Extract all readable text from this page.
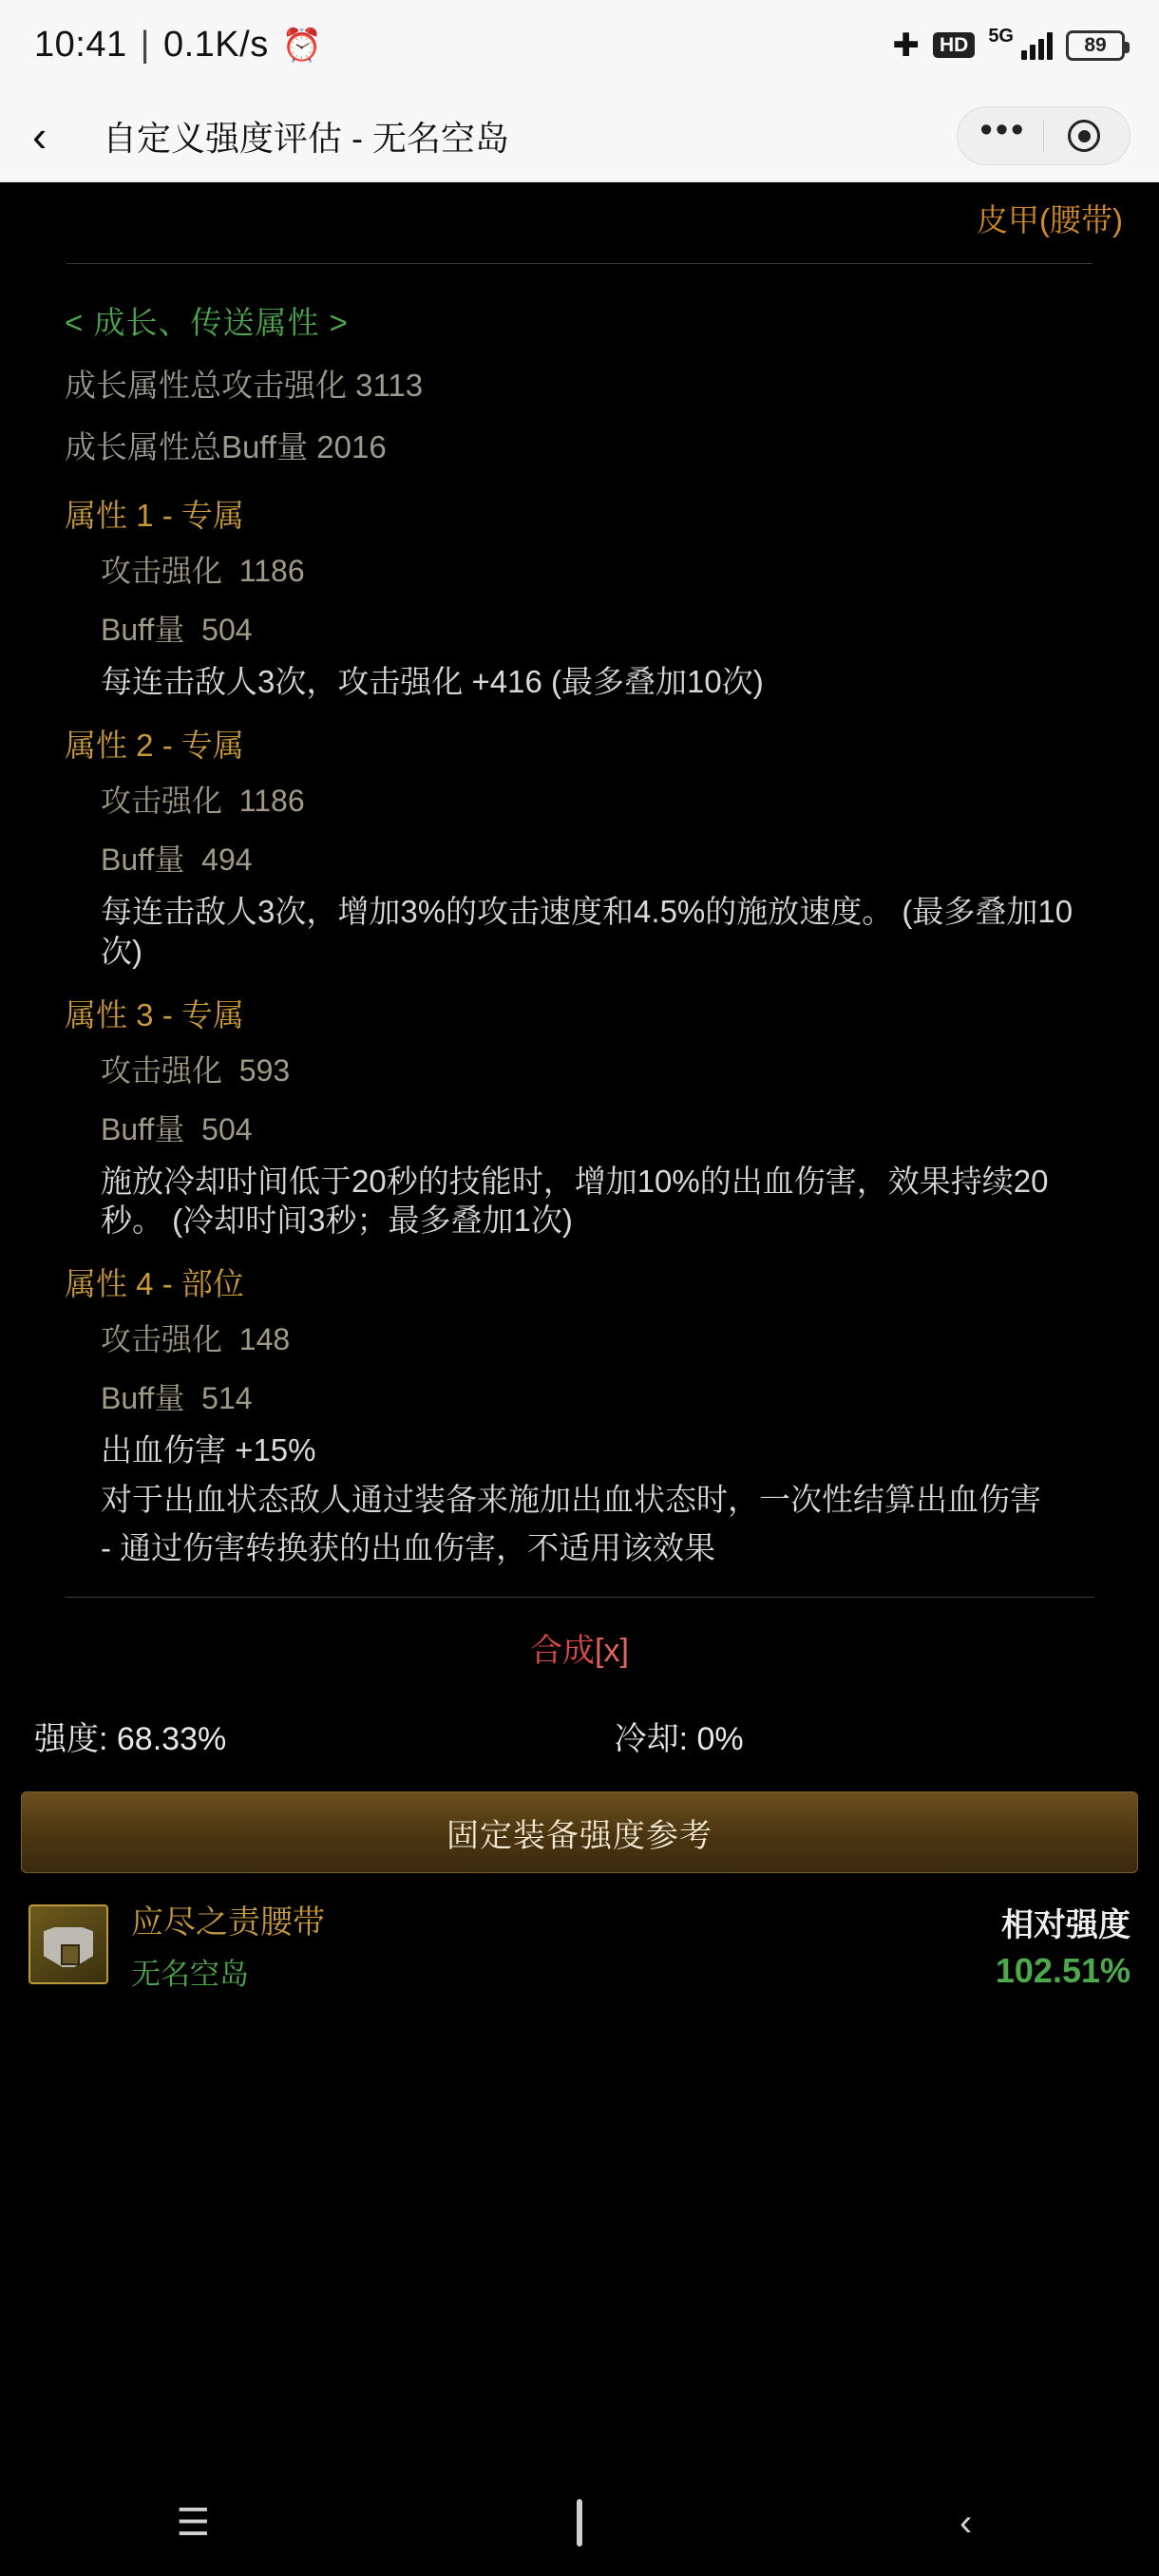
10:41 | 0.1K/s ⏰	✚	HD	5G	89
‹	自定义强度评估 - 无名空岛	•••
皮甲(腰带)
< 成长、传送属性 >
成长属性总攻击强化 3113
成长属性总Buff量 2016
属性 1 - 专属
攻击强化 1186
Buff量 504
每连击敌人3次，攻击强化 +416 (最多叠加10次)
属性 2 - 专属
攻击强化 1186
Buff量 494
每连击敌人3次，增加3%的攻击速度和4.5%的施放速度。 (最多叠加10次)
属性 3 - 专属
攻击强化 593
Buff量 504
施放冷却时间低于20秒的技能时，增加10%的出血伤害，效果持续20秒。 (冷却时间3秒；最多叠加1次)
属性 4 - 部位
攻击强化 148
Buff量 514
出血伤害 +15%
对于出血状态敌人通过装备来施加出血状态时，一次性结算出血伤害
- 通过伤害转换获的出血伤害，不适用该效果
合成[x]
强度: 68.33%	冷却: 0%
固定装备强度参考
应尽之责腰带
无名空岛
相对强度
102.51%
☰	‹
